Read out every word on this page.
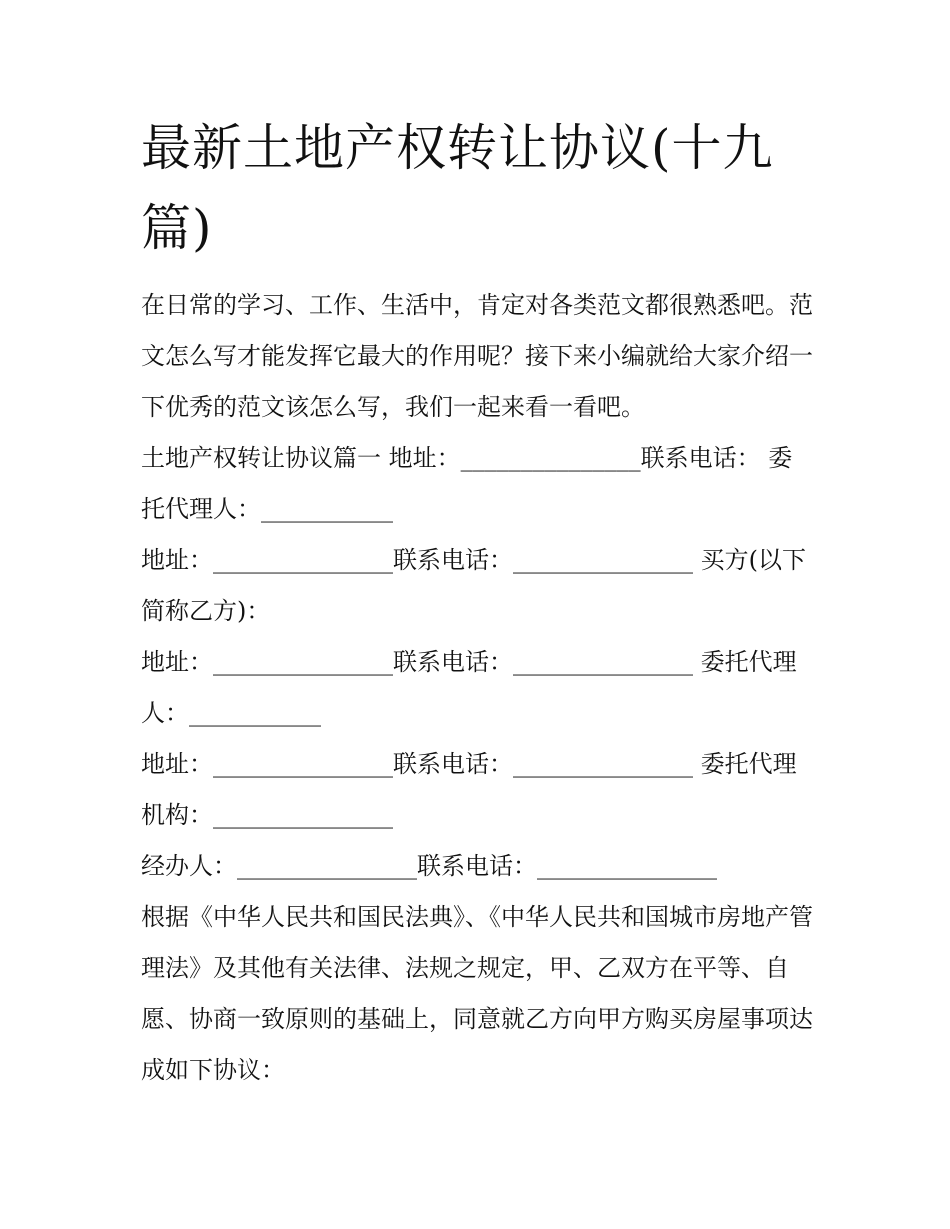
最新土地产权转让协议(十九篇)

在日常的学习、工作、生活中，肯定对各类范文都很熟悉吧。范文怎么写才能发挥它最大的作用呢？接下来小编就给大家介绍一下优秀的范文该怎么写，我们一起来看一看吧。

土地产权转让协议篇一 地址：_______________联系电话： 委托代理人：___________

地址：_______________联系电话：_______________ 买方(以下简称乙方)：

地址：_______________联系电话：_______________ 委托代理人：___________

地址：_______________联系电话：_______________ 委托代理机构：_______________

经办人：_______________联系电话：_______________

根据《中华人民共和国民法典》、《中华人民共和国城市房地产管理法》及其他有关法律、法规之规定，甲、乙双方在平等、自愿、协商一致原则的基础上，同意就乙方向甲方购买房屋事项达成如下协议：
